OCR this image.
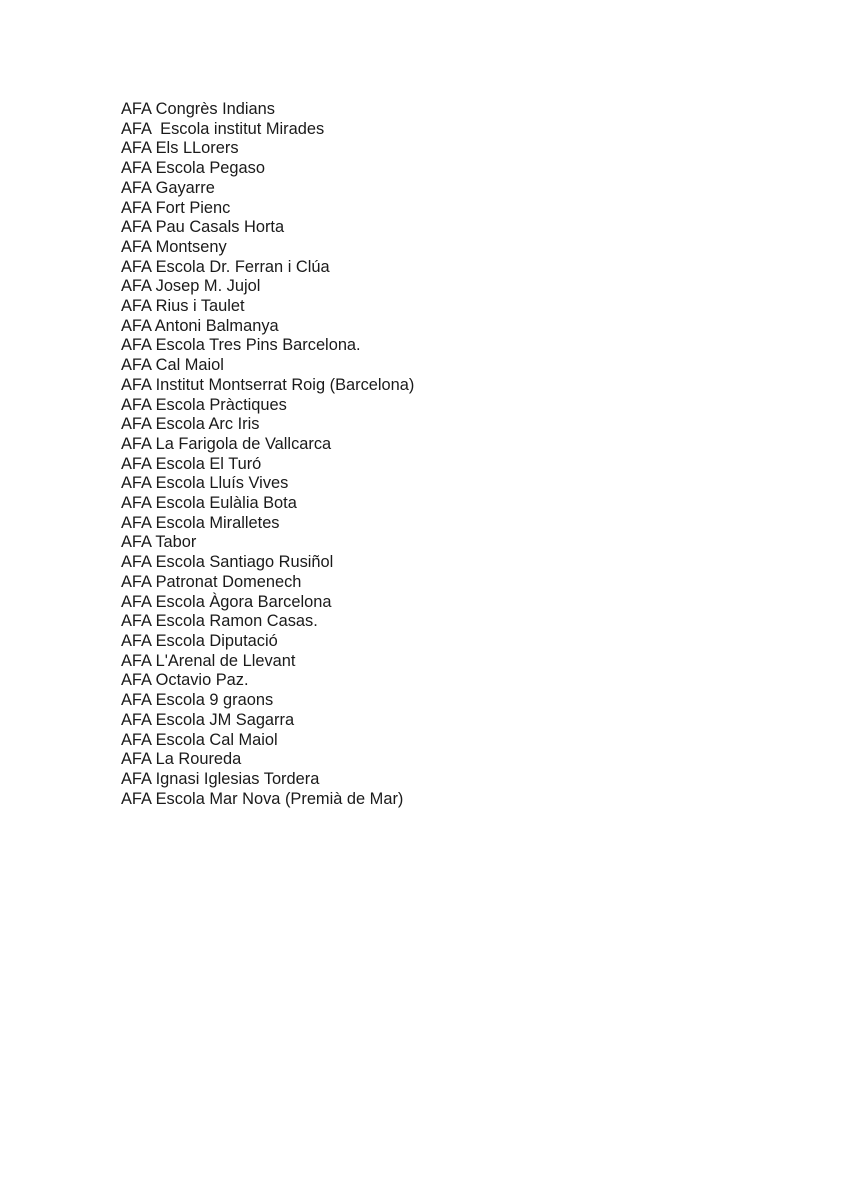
AFA Congrès Indians
AFA  Escola institut Mirades
AFA Els LLorers
AFA Escola Pegaso
AFA Gayarre
AFA Fort Pienc
AFA Pau Casals Horta
AFA Montseny
AFA Escola Dr. Ferran i Clúa
AFA Josep M. Jujol
AFA Rius i Taulet
AFA Antoni Balmanya
AFA Escola Tres Pins Barcelona.
AFA Cal Maiol
AFA Institut Montserrat Roig (Barcelona)
AFA Escola Pràctiques
AFA Escola Arc Iris
AFA La Farigola de Vallcarca
AFA Escola El Turó
AFA Escola Lluís Vives
AFA Escola Eulàlia Bota
AFA Escola Miralletes
AFA Tabor
AFA Escola Santiago Rusiñol
AFA Patronat Domenech
AFA Escola Àgora Barcelona
AFA Escola Ramon Casas.
AFA Escola Diputació
AFA L'Arenal de Llevant
AFA Octavio Paz.
AFA Escola 9 graons
AFA Escola JM Sagarra
AFA Escola Cal Maiol
AFA La Roureda
AFA Ignasi Iglesias Tordera
AFA Escola Mar Nova (Premià de Mar)
